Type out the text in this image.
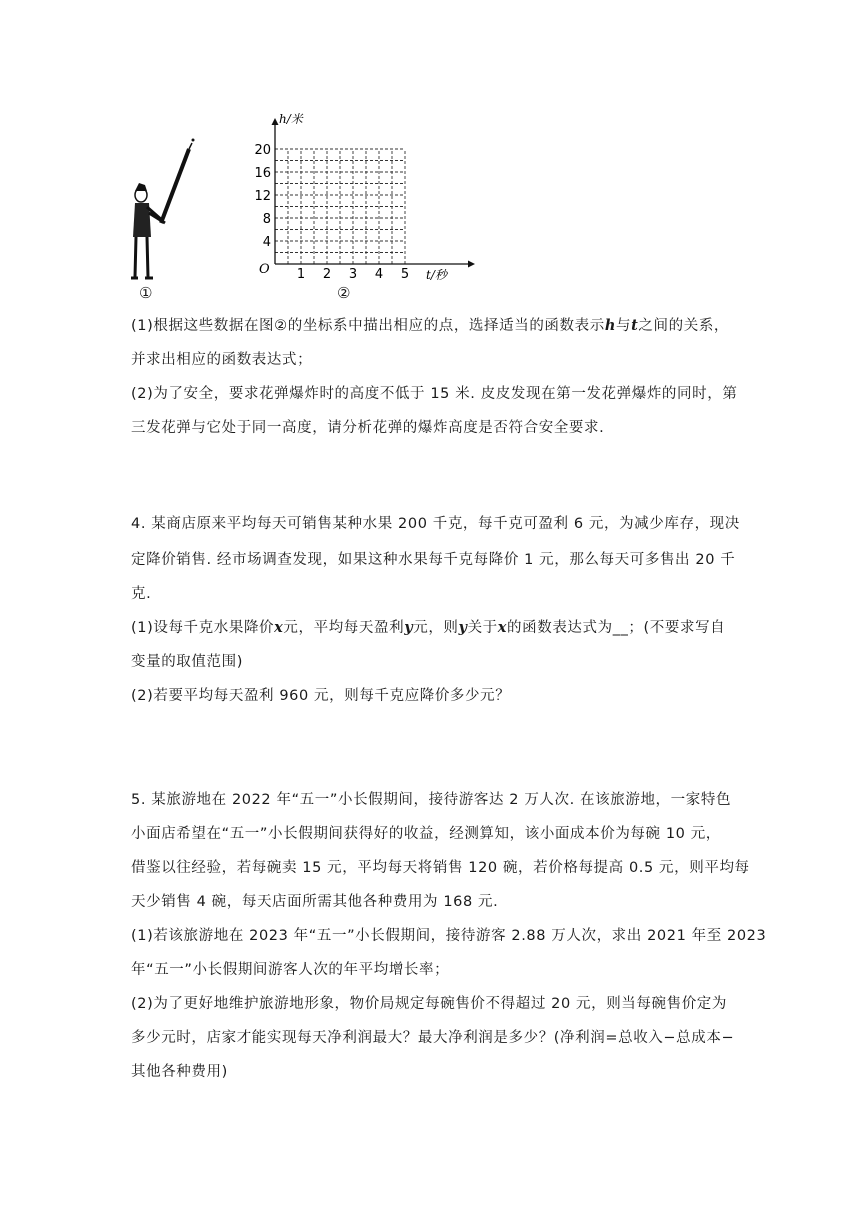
①
h/米
t/秒
O
20
16
12
8
4
1 2 3 4 5
②
(1)根据这些数据在图②的坐标系中描出相应的点，选择适当的函数表示h与t之间的关系，
并求出相应的函数表达式；
(2)为了安全，要求花弹爆炸时的高度不低于 15 米. 皮皮发现在第一发花弹爆炸的同时，第
三发花弹与它处于同一高度，请分析花弹的爆炸高度是否符合安全要求.
4. 某商店原来平均每天可销售某种水果 200 千克，每千克可盈利 6 元，为减少库存，现决
定降价销售. 经市场调查发现，如果这种水果每千克每降价 1 元，那么每天可多售出 20 千
克.
(1)设每千克水果降价x元，平均每天盈利y元，则y关于x的函数表达式为__；(不要求写自
变量的取值范围)
(2)若要平均每天盈利 960 元，则每千克应降价多少元？
5. 某旅游地在 2022 年“五一”小长假期间，接待游客达 2 万人次. 在该旅游地，一家特色
小面店希望在“五一”小长假期间获得好的收益，经测算知，该小面成本价为每碗 10 元，
借鉴以往经验，若每碗卖 15 元，平均每天将销售 120 碗，若价格每提高 0.5 元，则平均每
天少销售 4 碗，每天店面所需其他各种费用为 168 元.
(1)若该旅游地在 2023 年“五一”小长假期间，接待游客 2.88 万人次，求出 2021 年至 2023
年“五一”小长假期间游客人次的年平均增长率；
(2)为了更好地维护旅游地形象，物价局规定每碗售价不得超过 20 元，则当每碗售价定为
多少元时，店家才能实现每天净利润最大？最大净利润是多少？(净利润=总收入−总成本−
其他各种费用)
